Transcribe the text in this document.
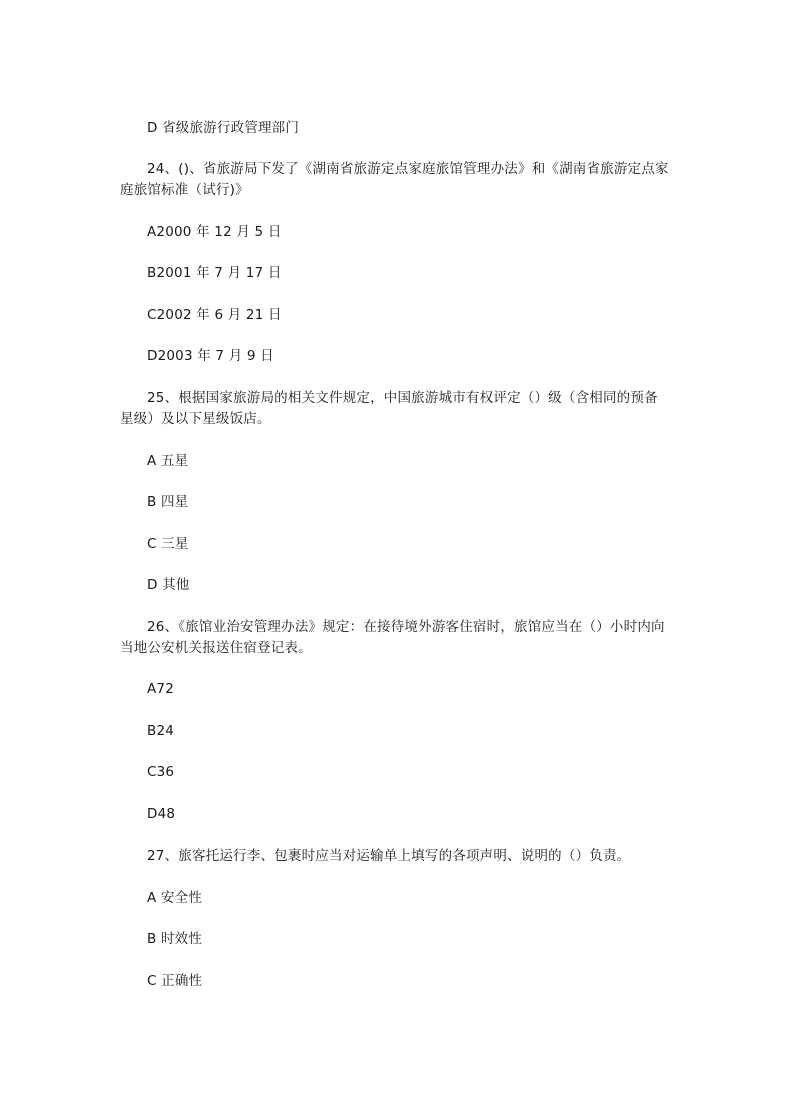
D 省级旅游行政管理部门
24、()、省旅游局下发了《湖南省旅游定点家庭旅馆管理办法》和《湖南省旅游定点家庭旅馆标准（试行)》
A2000 年 12 月 5 日
B2001 年 7 月 17 日
C2002 年 6 月 21 日
D2003 年 7 月 9 日
25、根据国家旅游局的相关文件规定，中国旅游城市有权评定（）级（含相同的预备星级）及以下星级饭店。
A 五星
B 四星
C 三星
D 其他
26、《旅馆业治安管理办法》规定：在接待境外游客住宿时，旅馆应当在（）小时内向当地公安机关报送住宿登记表。
A72
B24
C36
D48
27、旅客托运行李、包裹时应当对运输单上填写的各项声明、说明的（）负责。
A 安全性
B 时效性
C 正确性
